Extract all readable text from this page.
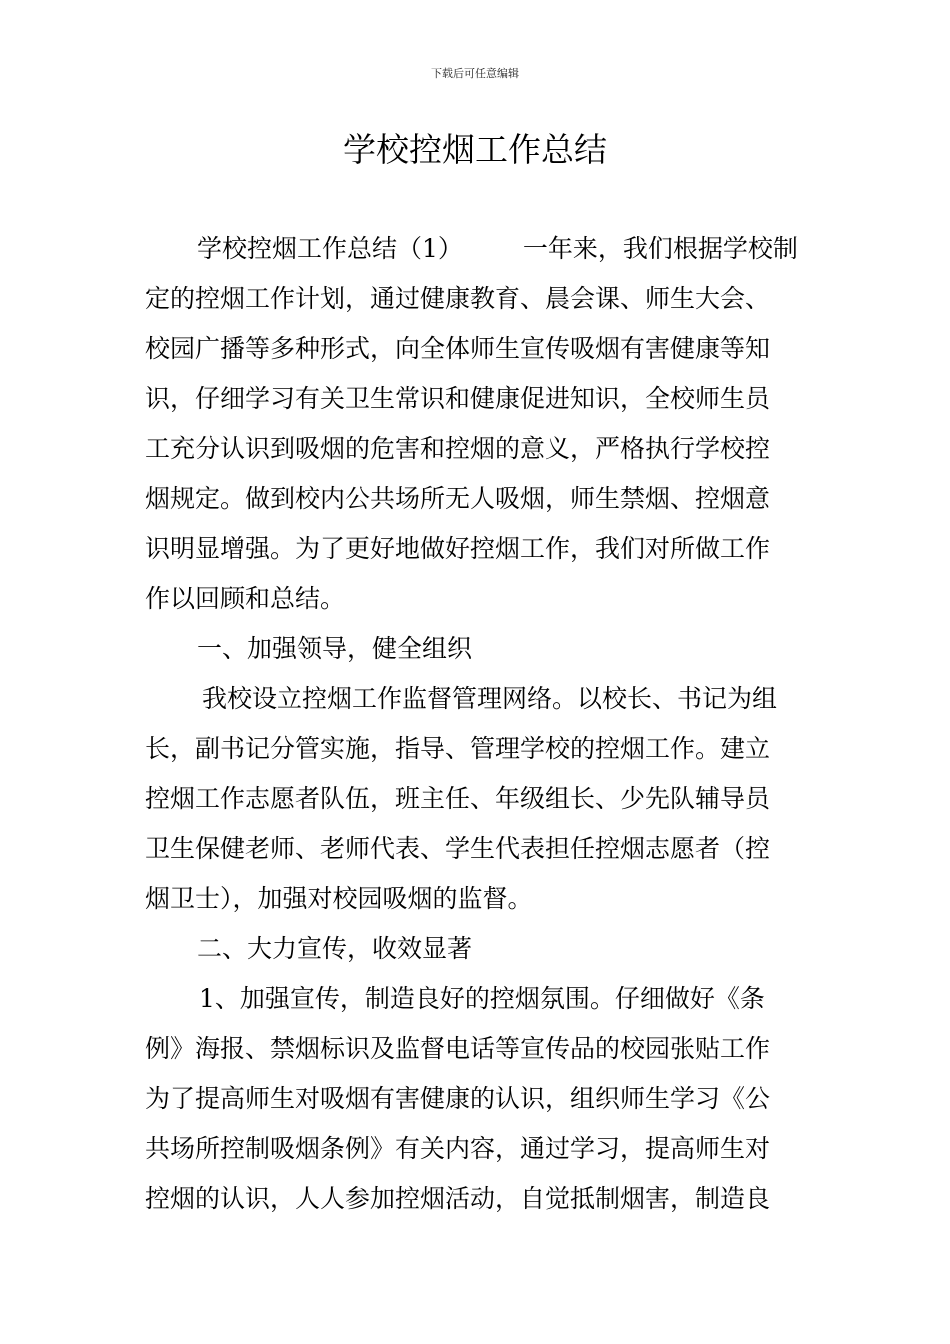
下载后可任意编辑
学校控烟工作总结
学校控烟工作总结（1） 一年来，我们根据学校制
定的控烟工作计划，通过健康教育、晨会课、师生大会、
校园广播等多种形式，向全体师生宣传吸烟有害健康等知
识，仔细学习有关卫生常识和健康促进知识，全校师生员
工充分认识到吸烟的危害和控烟的意义，严格执行学校控
烟规定。做到校内公共场所无人吸烟，师生禁烟、控烟意
识明显增强。为了更好地做好控烟工作，我们对所做工作
作以回顾和总结。
一、加强领导，健全组织
我校设立控烟工作监督管理网络。以校长、书记为组
长，副书记分管实施，指导、管理学校的控烟工作。建立
控烟工作志愿者队伍，班主任、年级组长、少先队辅导员
卫生保健老师、老师代表、学生代表担任控烟志愿者（控
烟卫士），加强对校园吸烟的监督。
二、大力宣传，收效显著
1、加强宣传，制造良好的控烟氛围。仔细做好《条
例》海报、禁烟标识及监督电话等宣传品的校园张贴工作
为了提高师生对吸烟有害健康的认识，组织师生学习《公
共场所控制吸烟条例》有关内容，通过学习，提高师生对
控烟的认识，人人参加控烟活动，自觉抵制烟害，制造良
